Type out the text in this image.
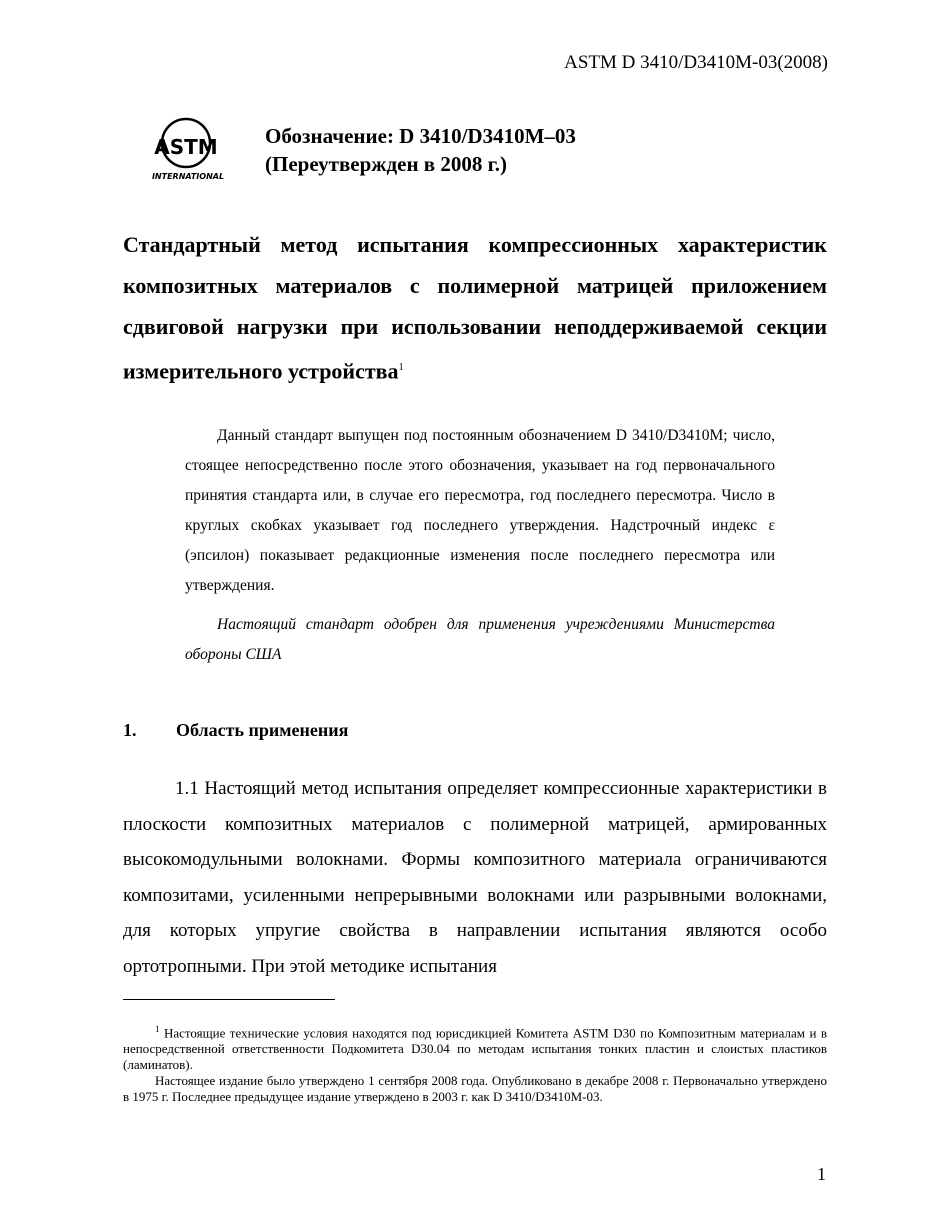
ASTM D 3410/D3410M-03(2008)
ASTM
INTERNATIONAL
Обозначение: D 3410/D3410M–03
(Переутвержден в 2008 г.)
Стандартный метод испытания компрессионных характеристик композитных материалов с полимерной матрицей приложением сдвиговой нагрузки при использовании неподдерживаемой секции измерительного устройства$^1$

Данный стандарт выпущен под постоянным обозначением D 3410/D3410M; число, стоящее непосредственно после этого обозначения, указывает на год первоначального принятия стандарта или, в случае его пересмотра, год последнего пересмотра. Число в круглых скобках указывает год последнего утверждения. Надстрочный индекс ε (эпсилон) показывает редакционные изменения после последнего пересмотра или утверждения.

Настоящий стандарт одобрен для применения учреждениями Министерства обороны США

1. Область применения

1.1 Настоящий метод испытания определяет компрессионные характеристики в плоскости композитных материалов с полимерной матрицей, армированных высокомодульными волокнами. Формы композитного материала ограничиваются композитами, усиленными непрерывными волокнами или разрывными волокнами, для которых упругие свойства в направлении испытания являются особо ортотропными. При этой методике испытания

$^1$ Настоящие технические условия находятся под юрисдикцией Комитета ASTM D30 по Композитным материалам и в непосредственной ответственности Подкомитета D30.04 по методам испытания тонких пластин и слоистых пластиков (ламинатов).

Настоящее издание было утверждено 1 сентября 2008 года. Опубликовано в декабре 2008 г. Первоначально утверждено в 1975 г. Последнее предыдущее издание утверждено в 2003 г. как D 3410/D3410M-03.

1
